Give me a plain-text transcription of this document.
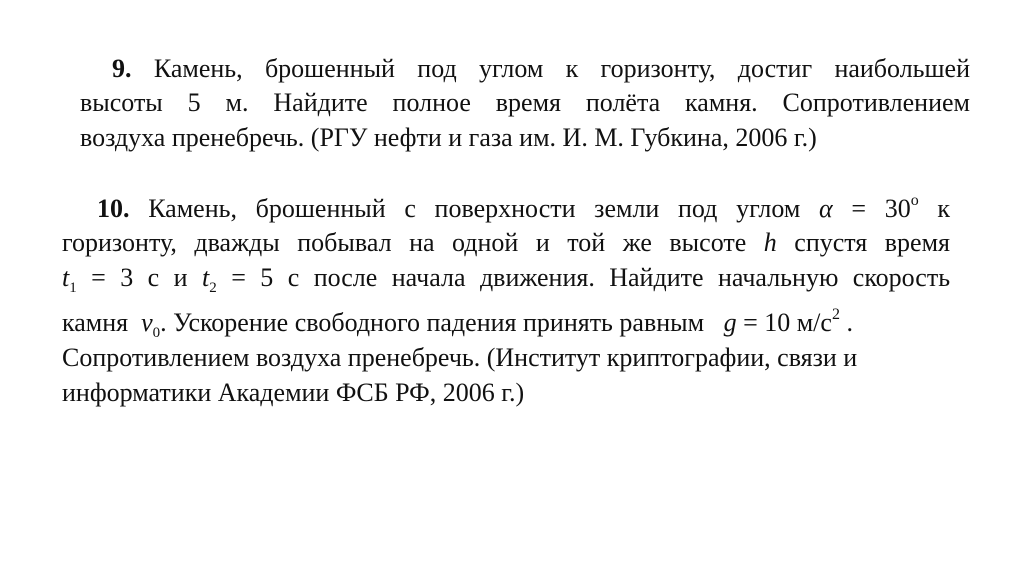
9. Камень, брошенный под углом к горизонту, достиг наибольшей
высоты 5 м. Найдите полное время полёта камня. Сопротивлением
воздуха пренебречь. (РГУ нефти и газа им. И. М. Губкина, 2006 г.)
10. Камень, брошенный с поверхности земли под углом $\alpha = 30^o$ к
горизонту, дважды побывал на одной и той же высоте h спустя время
$t_1 = 3$ с и $t_2 = 5$ с после начала движения. Найдите начальную скорость
камня $v_0$. Ускорение свободного падения принять равным g = 10 $м/с^2$ .
Сопротивлением воздуха пренебречь. (Институт криптографии, связи и
информатики Академии ФСБ РФ, 2006 г.)
